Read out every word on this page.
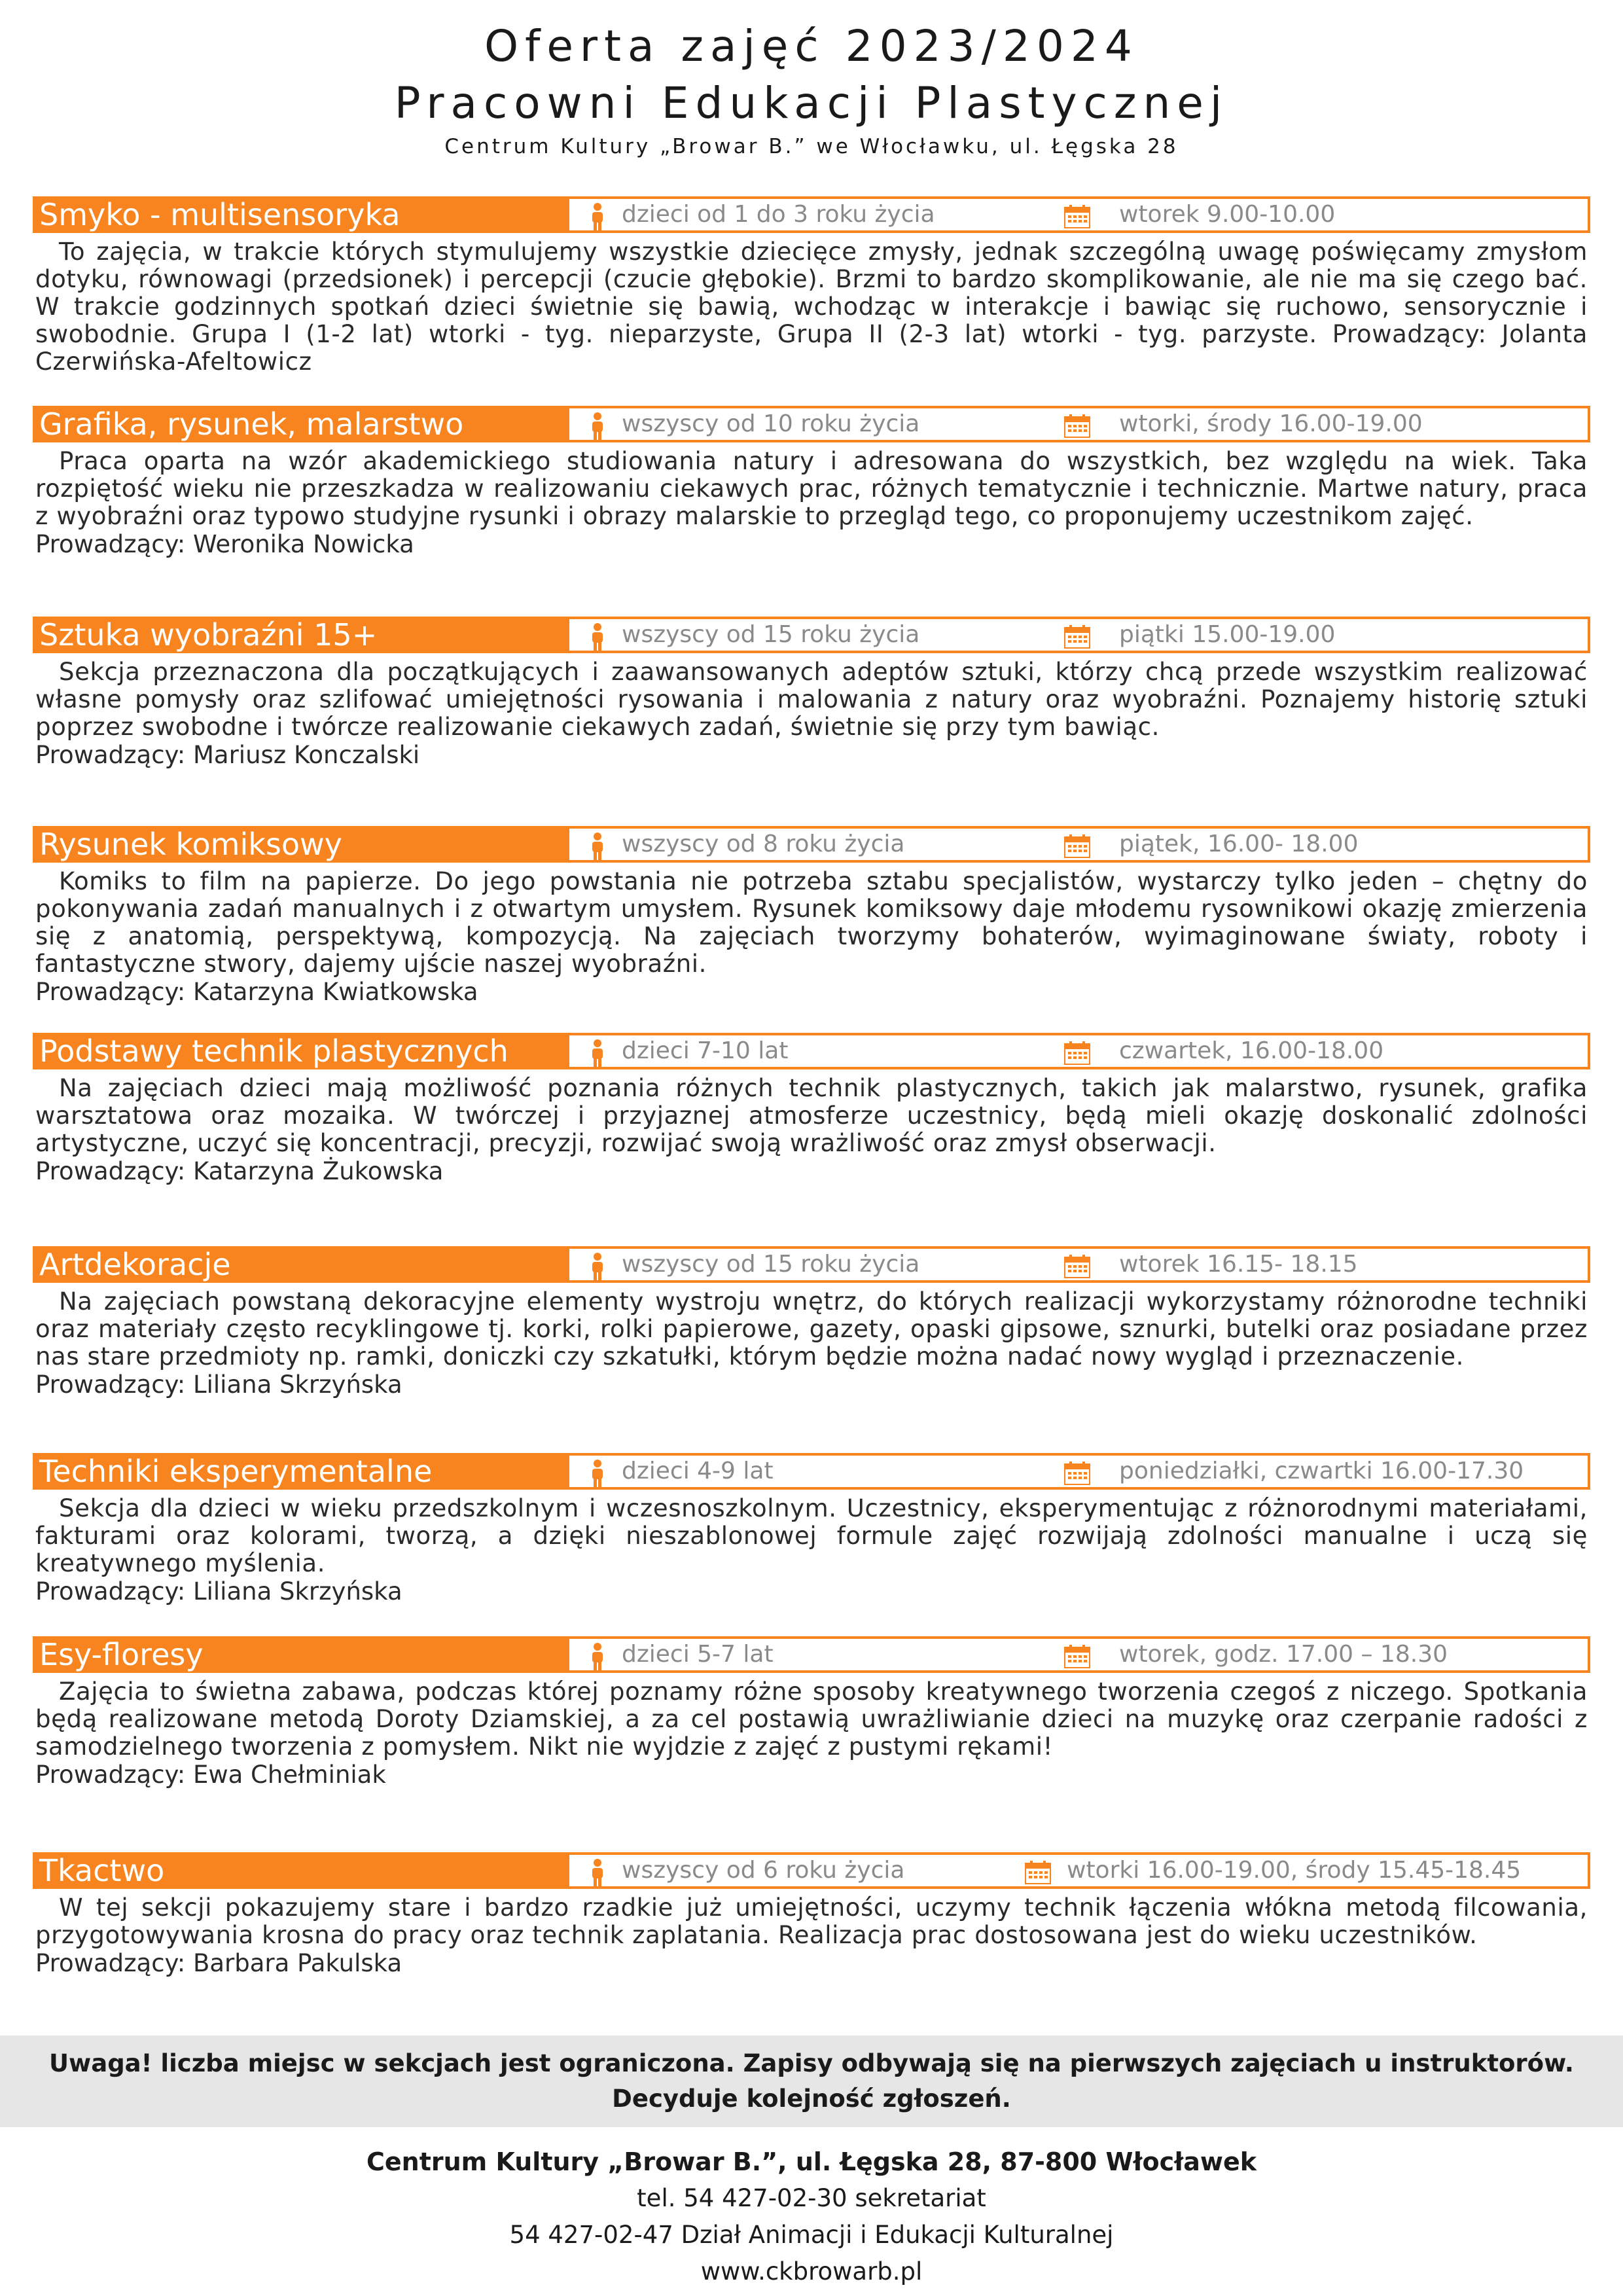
Oferta zajęć 2023/2024
Pracowni Edukacji Plastycznej
Centrum Kultury „Browar B.” we Włocławku, ul. Łęgska 28
Smyko - multisensoryka	dzieci od 1 do 3 roku życia	wtorek 9.00-10.00
To zajęcia, w trakcie których stymulujemy wszystkie dziecięce zmysły, jednak szczególną uwagę poświęcamy zmysłom dotyku, równowagi (przedsionek) i percepcji (czucie głębokie). Brzmi to bardzo skomplikowanie, ale nie ma się czego bać. W trakcie godzinnych spotkań dzieci świetnie się bawią, wchodząc w interakcje i bawiąc się ruchowo, sensorycznie i swobodnie. Grupa I (1-2 lat) wtorki - tyg. nieparzyste, Grupa II (2-3 lat) wtorki - tyg. parzyste. Prowadzący: Jolanta Czerwińska-Afeltowicz
Grafika, rysunek, malarstwo	wszyscy od 10 roku życia	wtorki, środy 16.00-19.00
Praca oparta na wzór akademickiego studiowania natury i adresowana do wszystkich, bez względu na wiek. Taka rozpiętość wieku nie przeszkadza w realizowaniu ciekawych prac, różnych tematycznie i technicznie. Martwe natury, praca z wyobraźni oraz typowo studyjne rysunki i obrazy malarskie to przegląd tego, co proponujemy uczestnikom zajęć.
Prowadzący: Weronika Nowicka
Sztuka wyobraźni 15+	wszyscy od 15 roku życia	piątki 15.00-19.00
Sekcja przeznaczona dla początkujących i zaawansowanych adeptów sztuki, którzy chcą przede wszystkim realizować własne pomysły oraz szlifować umiejętności rysowania i malowania z natury oraz wyobraźni. Poznajemy historię sztuki poprzez swobodne i twórcze realizowanie ciekawych zadań, świetnie się przy tym bawiąc.
Prowadzący: Mariusz Konczalski
Rysunek komiksowy	wszyscy od 8 roku życia	piątek, 16.00- 18.00
Komiks to film na papierze. Do jego powstania nie potrzeba sztabu specjalistów, wystarczy tylko jeden – chętny do pokonywania zadań manualnych i z otwartym umysłem. Rysunek komiksowy daje młodemu rysownikowi okazję zmierzenia się z anatomią, perspektywą, kompozycją. Na zajęciach tworzymy bohaterów, wyimaginowane światy, roboty i fantastyczne stwory, dajemy ujście naszej wyobraźni.
Prowadzący: Katarzyna Kwiatkowska
Podstawy technik plastycznych	dzieci 7-10 lat	czwartek, 16.00-18.00
Na zajęciach dzieci mają możliwość poznania różnych technik plastycznych, takich jak malarstwo, rysunek, grafika warsztatowa oraz mozaika. W twórczej i przyjaznej atmosferze uczestnicy, będą mieli okazję doskonalić zdolności artystyczne, uczyć się koncentracji, precyzji, rozwijać swoją wrażliwość oraz zmysł obserwacji.
Prowadzący: Katarzyna Żukowska
Artdekoracje	wszyscy od 15 roku życia	wtorek 16.15- 18.15
Na zajęciach powstaną dekoracyjne elementy wystroju wnętrz, do których realizacji wykorzystamy różnorodne techniki oraz materiały często recyklingowe tj. korki, rolki papierowe, gazety, opaski gipsowe, sznurki, butelki oraz posiadane przez nas stare przedmioty np. ramki, doniczki czy szkatułki, którym będzie można nadać nowy wygląd i przeznaczenie.
Prowadzący: Liliana Skrzyńska
Techniki eksperymentalne	dzieci 4-9 lat	poniedziałki, czwartki 16.00-17.30
Sekcja dla dzieci w wieku przedszkolnym i wczesnoszkolnym. Uczestnicy, eksperymentując z różnorodnymi materiałami, fakturami oraz kolorami, tworzą, a dzięki nieszablonowej formule zajęć rozwijają zdolności manualne i uczą się kreatywnego myślenia.
Prowadzący: Liliana Skrzyńska
Esy-floresy	dzieci 5-7 lat	wtorek, godz. 17.00 – 18.30
Zajęcia to świetna zabawa, podczas której poznamy różne sposoby kreatywnego tworzenia czegoś z niczego. Spotkania będą realizowane metodą Doroty Dziamskiej, a za cel postawią uwrażliwianie dzieci na muzykę oraz czerpanie radości z samodzielnego tworzenia z pomysłem. Nikt nie wyjdzie z zajęć z pustymi rękami!
Prowadzący: Ewa Chełminiak
Tkactwo	wszyscy od 6 roku życia	wtorki 16.00-19.00, środy 15.45-18.45
W tej sekcji pokazujemy stare i bardzo rzadkie już umiejętności, uczymy technik łączenia włókna metodą filcowania, przygotowywania krosna do pracy oraz technik zaplatania. Realizacja prac dostosowana jest do wieku uczestników.
Prowadzący: Barbara Pakulska
Uwaga! liczba miejsc w sekcjach jest ograniczona. Zapisy odbywają się na pierwszych zajęciach u instruktorów.
Decyduje kolejność zgłoszeń.
Centrum Kultury „Browar B.”, ul. Łęgska 28, 87-800 Włocławek
tel. 54 427-02-30 sekretariat
54 427-02-47 Dział Animacji i Edukacji Kulturalnej
www.ckbrowarb.pl
